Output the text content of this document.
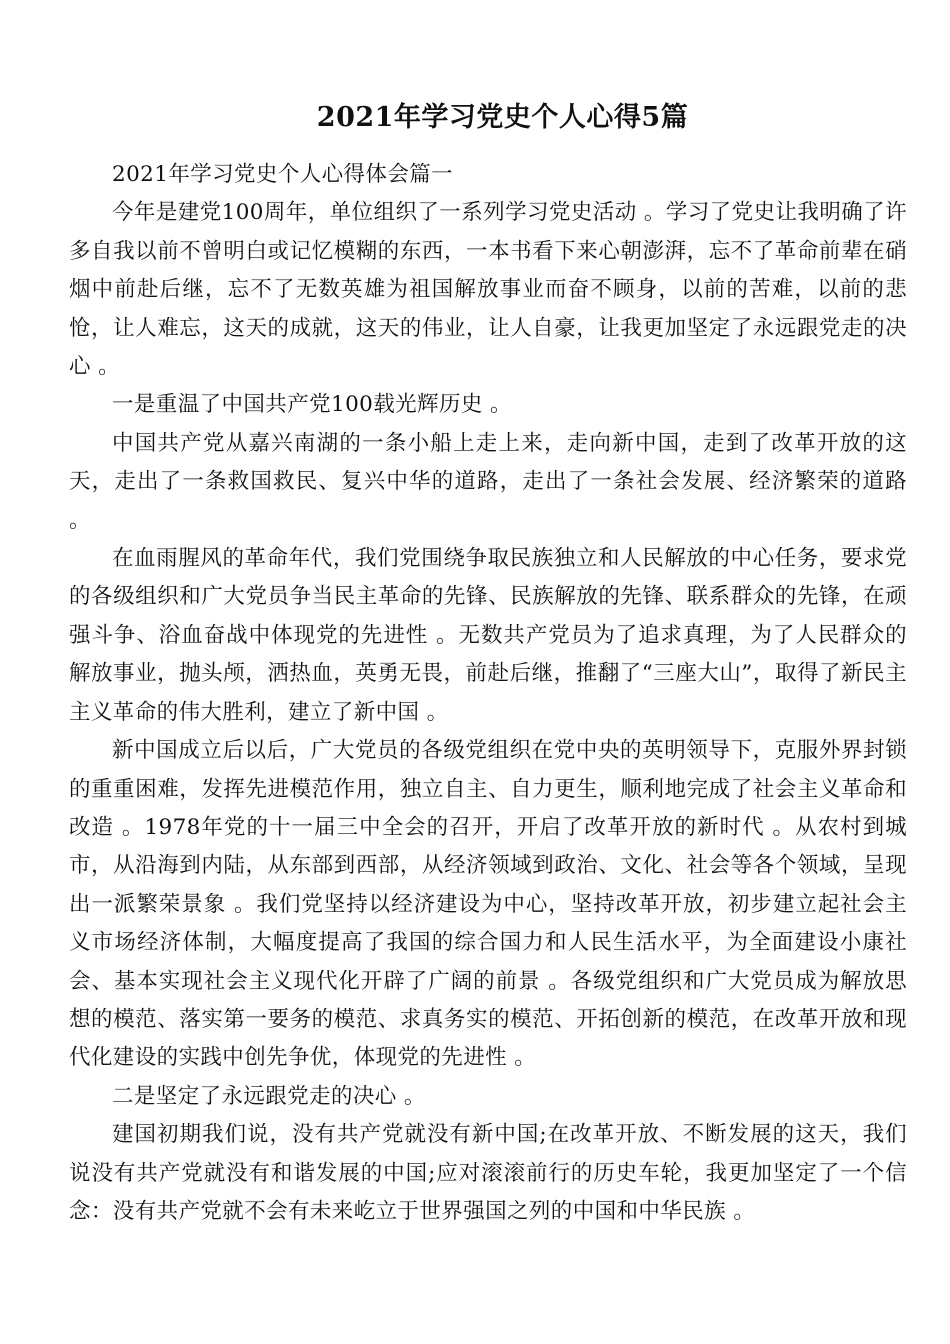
2021年学习党史个人心得5篇

2021年学习党史个人心得体会篇一

今年是建党100周年，单位组织了一系列学习党史活动 。学习了党史让我明确了许多自我以前不曾明白或记忆模糊的东西，一本书看下来心朝澎湃，忘不了革命前辈在硝烟中前赴后继，忘不了无数英雄为祖国解放事业而奋不顾身，以前的苦难，以前的悲怆，让人难忘，这天的成就，这天的伟业，让人自豪，让我更加坚定了永远跟党走的决心 。

一是重温了中国共产党100载光辉历史 。

中国共产党从嘉兴南湖的一条小船上走上来，走向新中国，走到了改革开放的这天，走出了一条救国救民、复兴中华的道路，走出了一条社会发展、经济繁荣的道路 。

在血雨腥风的革命年代，我们党围绕争取民族独立和人民解放的中心任务，要求党的各级组织和广大党员争当民主革命的先锋、民族解放的先锋、联系群众的先锋，在顽强斗争、浴血奋战中体现党的先进性 。无数共产党员为了追求真理，为了人民群众的解放事业，抛头颅，洒热血，英勇无畏，前赴后继，推翻了“三座大山”，取得了新民主主义革命的伟大胜利，建立了新中国 。

新中国成立后以后，广大党员的各级党组织在党中央的英明领导下，克服外界封锁的重重困难，发挥先进模范作用，独立自主、自力更生，顺利地完成了社会主义革命和改造 。1978年党的十一届三中全会的召开，开启了改革开放的新时代 。从农村到城市，从沿海到内陆，从东部到西部，从经济领域到政治、文化、社会等各个领域，呈现出一派繁荣景象 。我们党坚持以经济建设为中心，坚持改革开放，初步建立起社会主义市场经济体制，大幅度提高了我国的综合国力和人民生活水平，为全面建设小康社会、基本实现社会主义现代化开辟了广阔的前景 。各级党组织和广大党员成为解放思想的模范、落实第一要务的模范、求真务实的模范、开拓创新的模范，在改革开放和现代化建设的实践中创先争优，体现党的先进性 。

二是坚定了永远跟党走的决心 。

建国初期我们说，没有共产党就没有新中国;在改革开放、不断发展的这天，我们说没有共产党就没有和谐发展的中国;应对滚滚前行的历史车轮，我更加坚定了一个信念：没有共产党就不会有未来屹立于世界强国之列的中国和中华民族 。
